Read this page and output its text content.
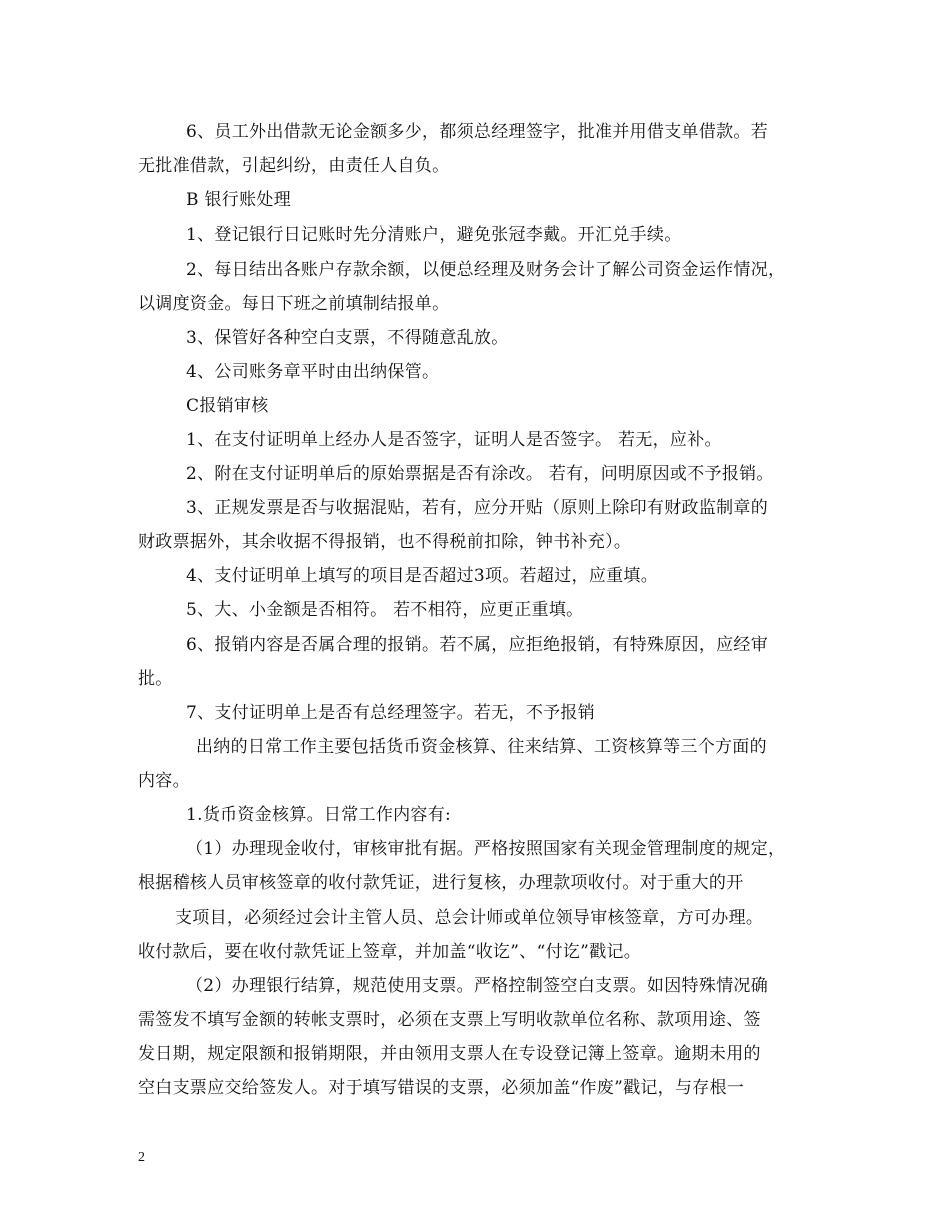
6、员工外出借款无论金额多少，都须总经理签字，批准并用借支单借款。若
无批准借款，引起纠纷，由责任人自负。
B 银行账处理
1、登记银行日记账时先分清账户，避免张冠李戴。开汇兑手续。
2、每日结出各账户存款余额，以便总经理及财务会计了解公司资金运作情况，
以调度资金。每日下班之前填制结报单。
3、保管好各种空白支票，不得随意乱放。
4、公司账务章平时由出纳保管。
C报销审核
1、在支付证明单上经办人是否签字，证明人是否签字。 若无，应补。
2、附在支付证明单后的原始票据是否有涂改。 若有，问明原因或不予报销。
3、正规发票是否与收据混贴，若有，应分开贴（原则上除印有财政监制章的
财政票据外，其余收据不得报销，也不得税前扣除，钟书补充）。
4、支付证明单上填写的项目是否超过3项。若超过，应重填。
5、大、小金额是否相符。 若不相符，应更正重填。
6、报销内容是否属合理的报销。若不属，应拒绝报销，有特殊原因，应经审
批。
7、支付证明单上是否有总经理签字。若无，不予报销
出纳的日常工作主要包括货币资金核算、往来结算、工资核算等三个方面的
内容。
1.货币资金核算。日常工作内容有:
（1）办理现金收付，审核审批有据。严格按照国家有关现金管理制度的规定，
根据稽核人员审核签章的收付款凭证，进行复核，办理款项收付。对于重大的开
支项目，必须经过会计主管人员、总会计师或单位领导审核签章，方可办理。
收付款后，要在收付款凭证上签章，并加盖“收讫”、“付讫”戳记。
（2）办理银行结算，规范使用支票。严格控制签空白支票。如因特殊情况确
需签发不填写金额的转帐支票时，必须在支票上写明收款单位名称、款项用途、签
发日期，规定限额和报销期限，并由领用支票人在专设登记簿上签章。逾期未用的
空白支票应交给签发人。对于填写错误的支票，必须加盖“作废”戳记，与存根一
2
